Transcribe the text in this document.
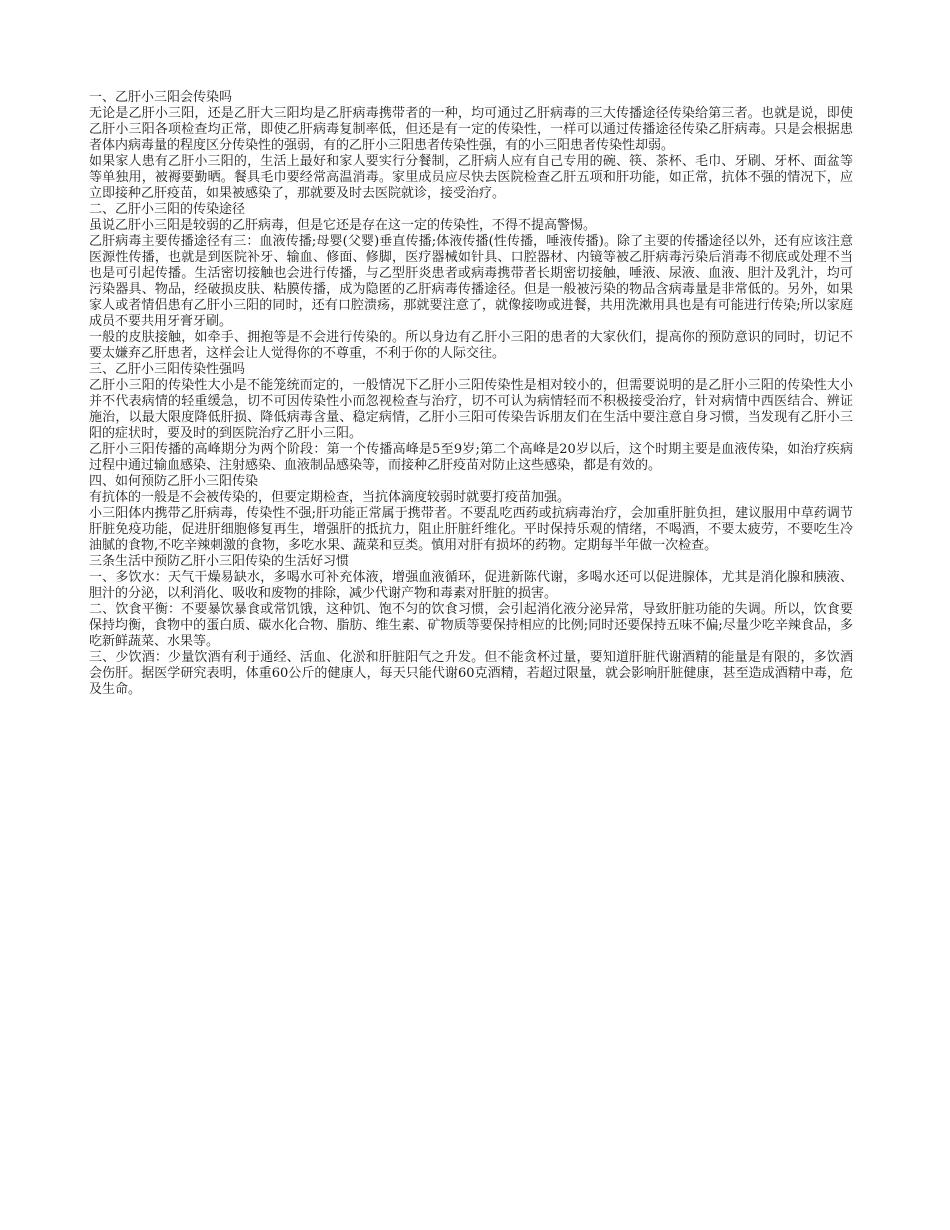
一、乙肝小三阳会传染吗

无论是乙肝小三阳，还是乙肝大三阳均是乙肝病毒携带者的一种，均可通过乙肝病毒的三大传播途径传染给第三者。也就是说，即使乙肝小三阳各项检查均正常，即使乙肝病毒复制率低，但还是有一定的传染性，一样可以通过传播途径传染乙肝病毒。只是会根据患者体内病毒量的程度区分传染性的强弱，有的乙肝小三阳患者传染性强，有的小三阳患者传染性却弱。

如果家人患有乙肝小三阳的，生活上最好和家人要实行分餐制，乙肝病人应有自己专用的碗、筷、茶杯、毛巾、牙刷、牙杯、面盆等等单独用，被褥要勤晒。餐具毛巾要经常高温消毒。家里成员应尽快去医院检查乙肝五项和肝功能，如正常，抗体不强的情况下，应立即接种乙肝疫苗，如果被感染了，那就要及时去医院就诊，接受治疗。

二、乙肝小三阳的传染途径

虽说乙肝小三阳是较弱的乙肝病毒，但是它还是存在这一定的传染性，不得不提高警惕。

乙肝病毒主要传播途径有三：血液传播;母婴(父婴)垂直传播;体液传播(性传播，唾液传播)。除了主要的传播途径以外，还有应该注意医源性传播，也就是到医院补牙、输血、修面、修脚，医疗器械如针具、口腔器材、内镜等被乙肝病毒污染后消毒不彻底或处理不当也是可引起传播。生活密切接触也会进行传播，与乙型肝炎患者或病毒携带者长期密切接触，唾液、尿液、血液、胆汁及乳汁，均可污染器具、物品，经破损皮肤、粘膜传播，成为隐匿的乙肝病毒传播途径。但是一般被污染的物品含病毒量是非常低的。另外，如果家人或者情侣患有乙肝小三阳的同时，还有口腔溃疡，那就要注意了，就像接吻或进餐，共用洗漱用具也是有可能进行传染;所以家庭成员不要共用牙膏牙刷。

一般的皮肤接触，如牵手、拥抱等是不会进行传染的。所以身边有乙肝小三阳的患者的大家伙们，提高你的预防意识的同时，切记不要太嫌弃乙肝患者，这样会让人觉得你的不尊重，不利于你的人际交往。

三、乙肝小三阳传染性强吗

乙肝小三阳的传染性大小是不能笼统而定的，一般情况下乙肝小三阳传染性是相对较小的，但需要说明的是乙肝小三阳的传染性大小并不代表病情的轻重缓急，切不可因传染性小而忽视检查与治疗，切不可认为病情轻而不积极接受治疗，针对病情中西医结合、辨证施治，以最大限度降低肝损、降低病毒含量、稳定病情，乙肝小三阳可传染告诉朋友们在生活中要注意自身习惯，当发现有乙肝小三阳的症状时，要及时的到医院治疗乙肝小三阳。

乙肝小三阳传播的高峰期分为两个阶段：第一个传播高峰是5至9岁;第二个高峰是20岁以后，这个时期主要是血液传染，如治疗疾病过程中通过输血感染、注射感染、血液制品感染等，而接种乙肝疫苗对防止这些感染，都是有效的。

四、如何预防乙肝小三阳传染

有抗体的一般是不会被传染的，但要定期检查，当抗体滴度较弱时就要打疫苗加强。

小三阳体内携带乙肝病毒，传染性不强;肝功能正常属于携带者。不要乱吃西药或抗病毒治疗，会加重肝脏负担，建议服用中草药调节肝脏免疫功能，促进肝细胞修复再生，增强肝的抵抗力，阻止肝脏纤维化。平时保持乐观的情绪，不喝酒，不要太疲劳，不要吃生冷油腻的食物,不吃辛辣刺激的食物，多吃水果、蔬菜和豆类。慎用对肝有损坏的药物。定期每半年做一次检查。

三条生活中预防乙肝小三阳传染的生活好习惯

一、多饮水：天气干燥易缺水，多喝水可补充体液，增强血液循环，促进新陈代谢，多喝水还可以促进腺体，尤其是消化腺和胰液、胆汁的分泌，以利消化、吸收和废物的排除，减少代谢产物和毒素对肝脏的损害。

二、饮食平衡：不要暴饮暴食或常饥饿，这种饥、饱不匀的饮食习惯，会引起消化液分泌异常，导致肝脏功能的失调。所以，饮食要保持均衡，食物中的蛋白质、碳水化合物、脂肪、维生素、矿物质等要保持相应的比例;同时还要保持五味不偏;尽量少吃辛辣食品，多吃新鲜蔬菜、水果等。

三、少饮酒：少量饮酒有利于通经、活血、化淤和肝脏阳气之升发。但不能贪杯过量，要知道肝脏代谢酒精的能量是有限的，多饮酒会伤肝。据医学研究表明，体重60公斤的健康人，每天只能代谢60克酒精，若超过限量，就会影响肝脏健康，甚至造成酒精中毒，危及生命。
